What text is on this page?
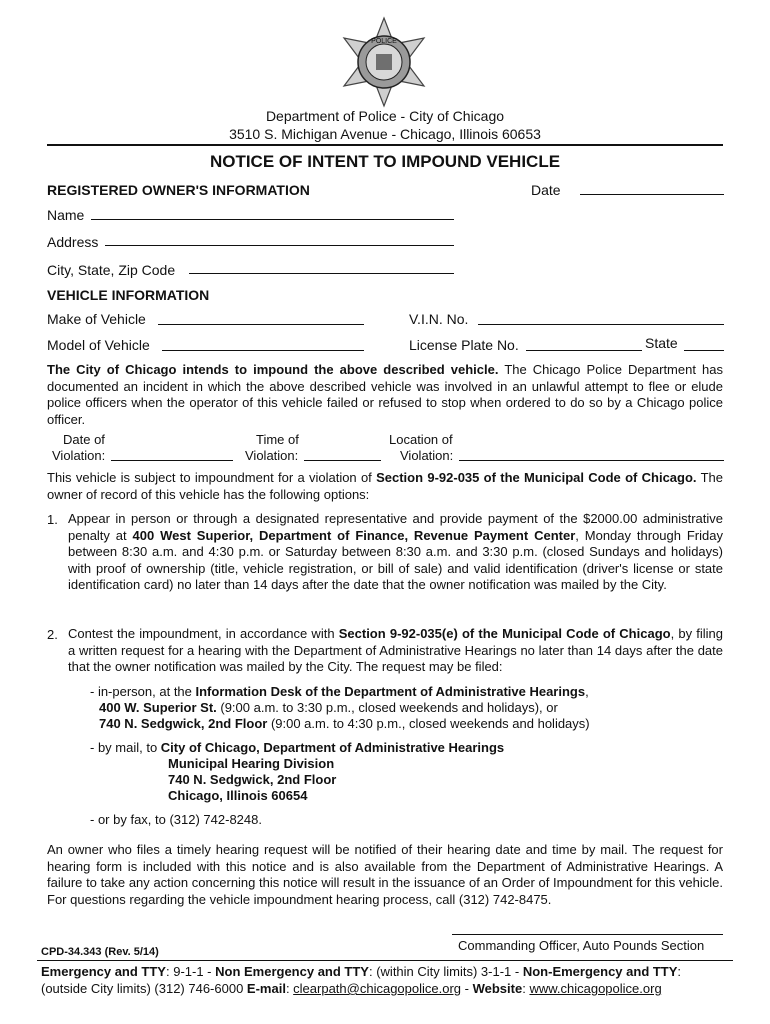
POLICE
Department of Police - City of Chicago
3510 S. Michigan Avenue - Chicago, Illinois 60653
NOTICE OF INTENT TO IMPOUND VEHICLE
REGISTERED OWNER'S INFORMATION	Date
Name
Address
City, State, Zip Code
VEHICLE INFORMATION
Make of Vehicle	V.I.N. No.
Model of Vehicle	License Plate No.	State
The City of Chicago intends to impound the above described vehicle. The Chicago Police Department has documented an incident in which the above described vehicle was involved in an unlawful attempt to flee or elude police officers when the operator of this vehicle failed or refused to stop when ordered to do so by a Chicago police officer.
Date of
Violation:
Time of
Violation:
Location of
Violation:
This vehicle is subject to impoundment for a violation of Section 9-92-035 of the Municipal Code of Chicago. The owner of record of this vehicle has the following options:
1. Appear in person or through a designated representative and provide payment of the $2000.00 administrative penalty at 400 West Superior, Department of Finance, Revenue Payment Center, Monday through Friday between 8:30 a.m. and 4:30 p.m. or Saturday between 8:30 a.m. and 3:30 p.m. (closed Sundays and holidays) with proof of ownership (title, vehicle registration, or bill of sale) and valid identification (driver's license or state identification card) no later than 14 days after the date that the owner notification was mailed by the City.
2. Contest the impoundment, in accordance with Section 9-92-035(e) of the Municipal Code of Chicago, by filing a written request for a hearing with the Department of Administrative Hearings no later than 14 days after the date that the owner notification was mailed by the City. The request may be filed:
- in-person, at the Information Desk of the Department of Administrative Hearings,
400 W. Superior St. (9:00 a.m. to 3:30 p.m., closed weekends and holidays), or
740 N. Sedgwick, 2nd Floor (9:00 a.m. to 4:30 p.m., closed weekends and holidays)
- by mail, to City of Chicago, Department of Administrative Hearings
Municipal Hearing Division
740 N. Sedgwick, 2nd Floor
Chicago, Illinois 60654
- or by fax, to (312) 742-8248.
An owner who files a timely hearing request will be notified of their hearing date and time by mail. The request for hearing form is included with this notice and is also available from the Department of Administrative Hearings. A failure to take any action concerning this notice will result in the issuance of an Order of Impoundment for this vehicle. For questions regarding the vehicle impoundment hearing process, call (312) 742-8475.
Commanding Officer, Auto Pounds Section
CPD-34.343 (Rev. 5/14)
Emergency and TTY: 9-1-1 - Non Emergency and TTY: (within City limits) 3-1-1 - Non-Emergency and TTY:
(outside City limits) (312) 746-6000 E-mail: clearpath@chicagopolice.org - Website: www.chicagopolice.org
